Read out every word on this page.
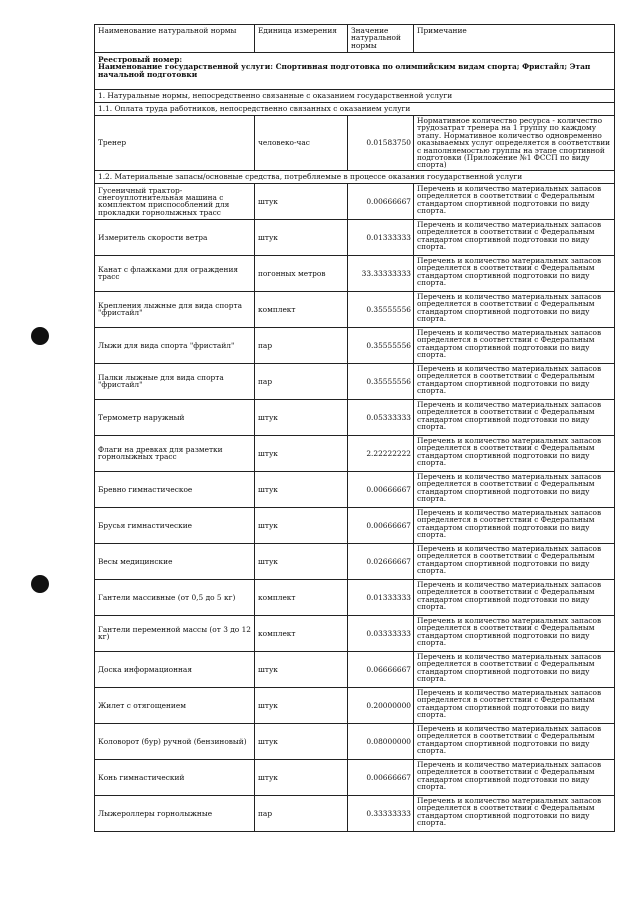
Наименование натуральной нормы	Единица измерения	Значение натуральной нормы	Примечание

Реестровый номер:
Наименование государственной услуги: Спортивная подготовка по олимпийским видам спорта; Фристайл; Этап начальной подготовки			

1. Натуральные нормы, непосредственно связанные с оказанием государственной услуги			
1.1. Оплата труда работников, непосредственно связанных с оказанием услуги			
Тренер	человеко-час	0.01583750	Нормативное количество ресурса - количество трудозатрат тренера на 1 группу по каждому этапу. Нормативное количество одновременно оказываемых услуг определяется в соответствии с наполняемостью группы на этапе спортивной подготовки (Приложение №1 ФССП по виду спорта)
1.2. Материальные запасы/основные средства, потребляемые в процессе оказания государственной услуги			
Гусеничный трактор-снегоуплотнительная машина с комплектом приспособлений для прокладки горнолыжных трасс	штук	0.00666667	Перечень и количество материальных запасов определяется в соответствии с Федеральным стандартом спортивной подготовки по виду спорта.
Измеритель скорости ветра	штук	0.01333333	Перечень и количество материальных запасов определяется в соответствии с Федеральным стандартом спортивной подготовки по виду спорта.
Канат с флажками для ограждения трасс	погонных метров	33.33333333	Перечень и количество материальных запасов определяется в соответствии с Федеральным стандартом спортивной подготовки по виду спорта.
Крепления лыжные для вида спорта "фристайл"	комплект	0.35555556	Перечень и количество материальных запасов определяется в соответствии с Федеральным стандартом спортивной подготовки по виду спорта.
Лыжи для вида спорта "фристайл"	пар	0.35555556	Перечень и количество материальных запасов определяется в соответствии с Федеральным стандартом спортивной подготовки по виду спорта.
Палки лыжные для вида спорта "фристайл"	пар	0.35555556	Перечень и количество материальных запасов определяется в соответствии с Федеральным стандартом спортивной подготовки по виду спорта.
Термометр наружный	штук	0.05333333	Перечень и количество материальных запасов определяется в соответствии с Федеральным стандартом спортивной подготовки по виду спорта.
Флаги на древках для разметки горнолыжных трасс	штук	2.22222222	Перечень и количество материальных запасов определяется в соответствии с Федеральным стандартом спортивной подготовки по виду спорта.
Бревно гимнастическое	штук	0.00666667	Перечень и количество материальных запасов определяется в соответствии с Федеральным стандартом спортивной подготовки по виду спорта.
Брусья гимнастические	штук	0.00666667	Перечень и количество материальных запасов определяется в соответствии с Федеральным стандартом спортивной подготовки по виду спорта.
Весы медицинские	штук	0.02666667	Перечень и количество материальных запасов определяется в соответствии с Федеральным стандартом спортивной подготовки по виду спорта.
Гантели массивные (от 0,5 до 5 кг)	комплект	0.01333333	Перечень и количество материальных запасов определяется в соответствии с Федеральным стандартом спортивной подготовки по виду спорта.
Гантели переменной массы (от 3 до 12 кг)	комплект	0.03333333	Перечень и количество материальных запасов определяется в соответствии с Федеральным стандартом спортивной подготовки по виду спорта.
Доска информационная	штук	0.06666667	Перечень и количество материальных запасов определяется в соответствии с Федеральным стандартом спортивной подготовки по виду спорта.
Жилет с отягощением	штук	0.20000000	Перечень и количество материальных запасов определяется в соответствии с Федеральным стандартом спортивной подготовки по виду спорта.
Коловорот (бур) ручной (бензиновый)	штук	0.08000000	Перечень и количество материальных запасов определяется в соответствии с Федеральным стандартом спортивной подготовки по виду спорта.
Конь гимнастический	штук	0.00666667	Перечень и количество материальных запасов определяется в соответствии с Федеральным стандартом спортивной подготовки по виду спорта.
Лыжероллеры горнолыжные	пар	0.33333333	Перечень и количество материальных запасов определяется в соответствии с Федеральным стандартом спортивной подготовки по виду спорта.
